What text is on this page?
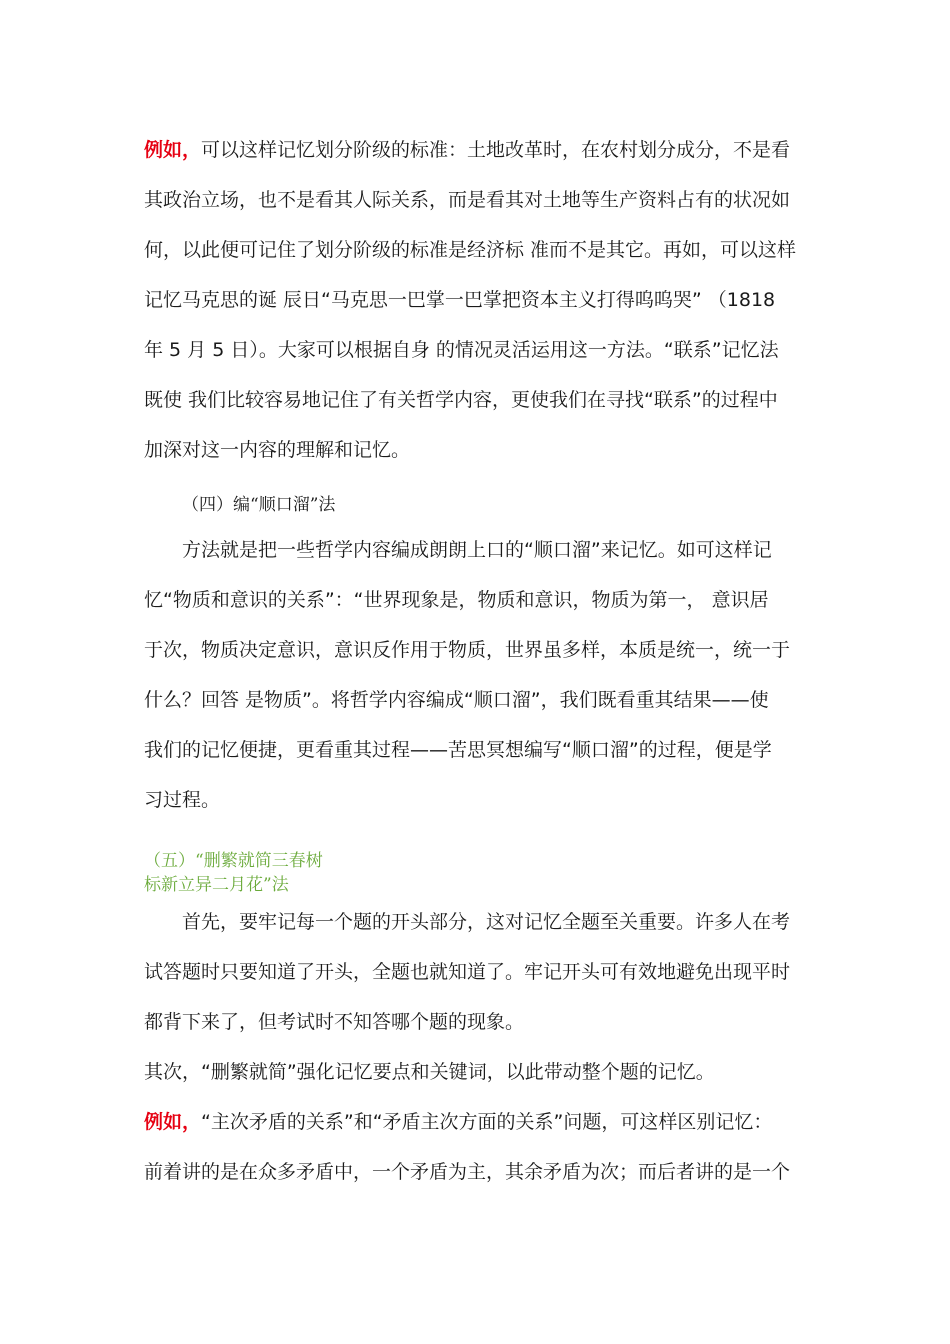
例如，可以这样记忆划分阶级的标准：土地改革时，在农村划分成分，不是看
其政治立场，也不是看其人际关系，而是看其对土地等生产资料占有的状况如
何，以此便可记住了划分阶级的标准是经济标 准而不是其它。再如，可以这样
记忆马克思的诞 辰日“马克思一巴掌一巴掌把资本主义打得呜呜哭” （1818
年 5 月 5 日）。大家可以根据自身 的情况灵活运用这一方法。“联系”记忆法
既使 我们比较容易地记住了有关哲学内容，更使我们在寻找“联系”的过程中
加深对这一内容的理解和记忆。
（四）编“顺口溜”法
方法就是把一些哲学内容编成朗朗上口的“顺口溜”来记忆。如可这样记
忆“物质和意识的关系”：“世界现象是，物质和意识，物质为第一， 意识居
于次，物质决定意识，意识反作用于物质，世界虽多样，本质是统一，统一于
什么？回答 是物质”。将哲学内容编成“顺口溜”，我们既看重其结果——使
我们的记忆便捷，更看重其过程——苦思冥想编写“顺口溜”的过程，便是学
习过程。
（五）“删繁就简三春树
标新立异二月花”法
首先，要牢记每一个题的开头部分，这对记忆全题至关重要。许多人在考
试答题时只要知道了开头，全题也就知道了。牢记开头可有效地避免出现平时
都背下来了，但考试时不知答哪个题的现象。
其次，“删繁就简”强化记忆要点和关键词，以此带动整个题的记忆。
例如，“主次矛盾的关系”和“矛盾主次方面的关系”问题，可这样区别记忆：
前着讲的是在众多矛盾中，一个矛盾为主，其余矛盾为次；而后者讲的是一个
